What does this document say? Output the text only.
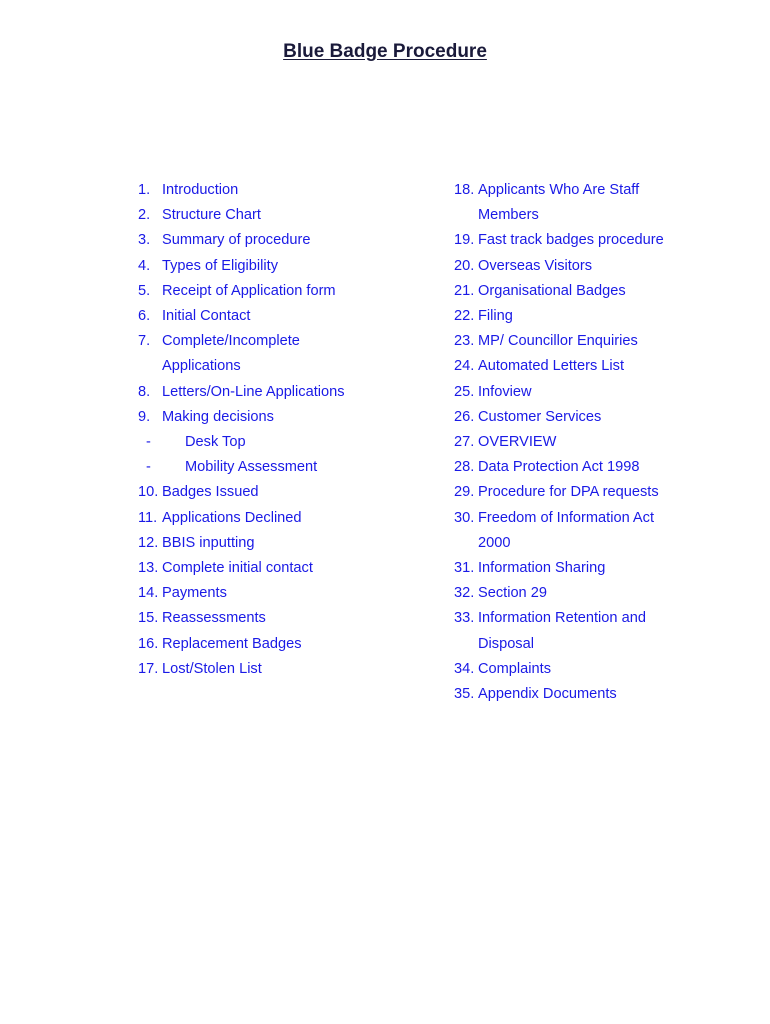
Blue Badge Procedure
1. Introduction
2. Structure Chart
3. Summary of procedure
4. Types of Eligibility
5. Receipt of Application form
6. Initial Contact
7. Complete/Incomplete
Applications
8. Letters/On-Line Applications
9. Making decisions
-	Desk Top
-	Mobility Assessment
10. Badges Issued
11. Applications Declined
12. BBIS inputting
13. Complete initial contact
14. Payments
15. Reassessments
16. Replacement Badges
17. Lost/Stolen List
18. Applicants Who Are Staff
Members
19. Fast track badges procedure
20. Overseas Visitors
21. Organisational Badges
22. Filing
23. MP/ Councillor Enquiries
24. Automated Letters List
25. Infoview
26. Customer Services
27. OVERVIEW
28. Data Protection Act 1998
29. Procedure for DPA requests
30. Freedom of Information Act
2000
31. Information Sharing
32. Section 29
33. Information Retention and
Disposal
34. Complaints
35. Appendix Documents
